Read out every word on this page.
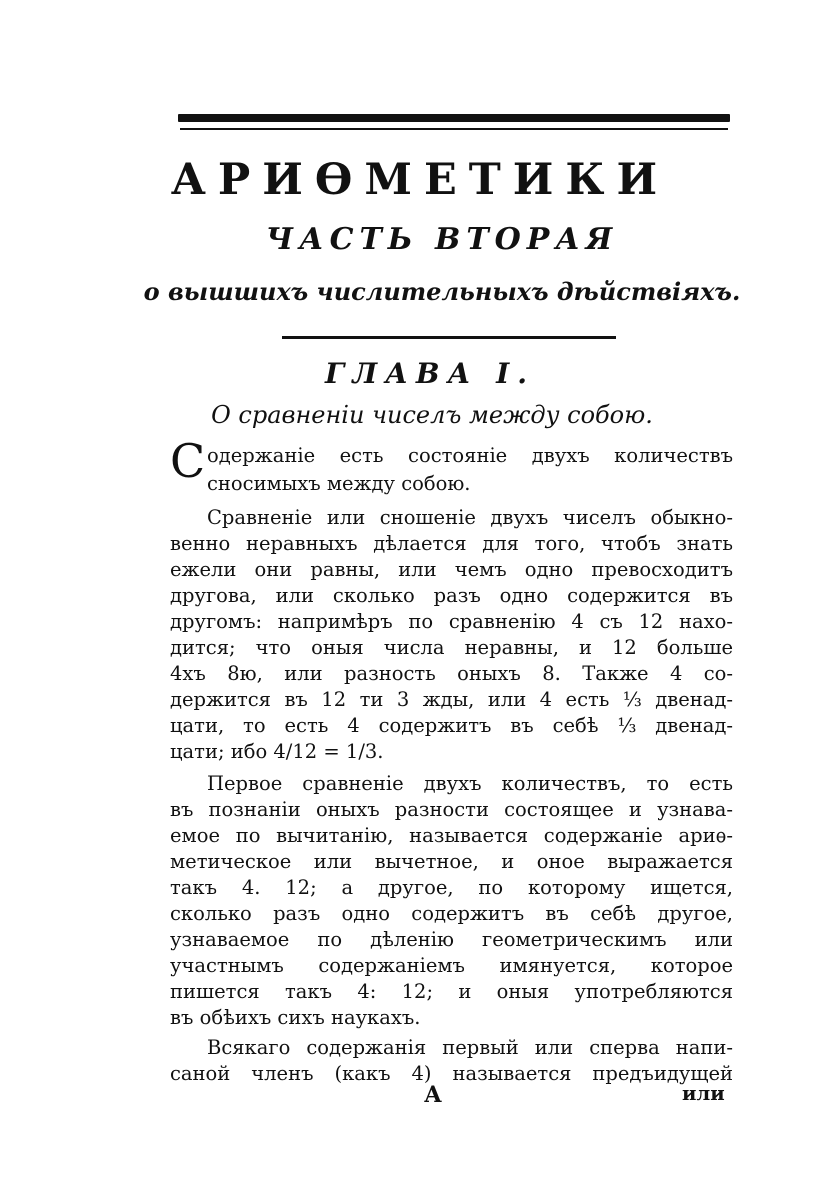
АРИѲМЕТИКИ
ЧАСТЬ ВТОРАЯ
о вышшихъ числительныхъ дѣйствiяхъ.
ГЛАВА I.
О сравненiи чиселъ между собою.
С одержанiе есть состоянiе двухъ количествъ
сносимыхъ между собою.
Сравненiе или сношенiе двухъ чиселъ обыкно-
венно неравныхъ дѣлается для того, чтобъ знать
ежели они равны, или чемъ одно превосходитъ
другова, или сколько разъ одно содержится въ
другомъ: напримѣръ по сравненiю 4 съ 12 нахо-
дится; что оныя числа неравны, и 12 больше
4хъ 8ю, или разность оныхъ 8. Также 4 со-
держится въ 12 ти 3 жды, или 4 есть ⅓ двенад-
цати, то есть 4 содержитъ въ себѣ ⅓ двенад-
цати; ибо 4/12 = 1/3.
Первое сравненiе двухъ количествъ, то есть
въ познанiи оныхъ разности состоящее и узнава-
емое по вычитанiю, называется содержанiе ариѳ-
метическое или вычетное, и оное выражается
такъ 4. 12; а другое, по которому ищется,
сколько разъ одно содержитъ въ себѣ другое,
узнаваемое по дѣленiю геометрическимъ или
участнымъ содержанiемъ имянуется, которое
пишется такъ 4: 12; и оныя употребляются
въ обѣихъ сихъ наукахъ.
Всякаго содержанiя первый или сперва напи-
саной членъ (какъ 4) называется предъидущей
А	или
